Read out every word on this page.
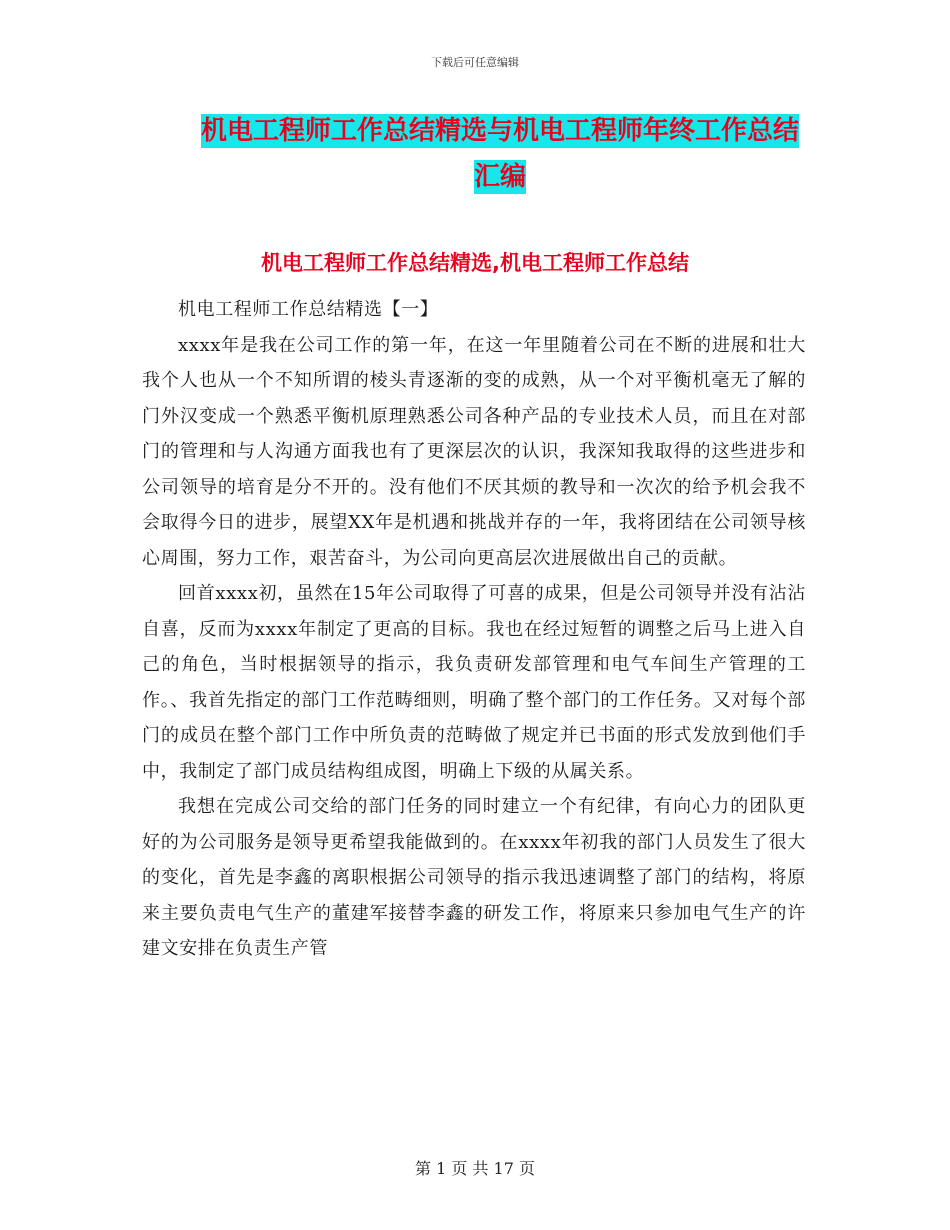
下载后可任意编辑
机电工程师工作总结精选与机电工程师年终工作总结汇编
机电工程师工作总结精选,机电工程师工作总结

机电工程师工作总结精选【一】

xxxx年是我在公司工作的第一年，在这一年里随着公司在不断的进展和壮大我个人也从一个不知所谓的棱头青逐渐的变的成熟，从一个对平衡机毫无了解的门外汉变成一个熟悉平衡机原理熟悉公司各种产品的专业技术人员，而且在对部门的管理和与人沟通方面我也有了更深层次的认识，我深知我取得的这些进步和公司领导的培育是分不开的。没有他们不厌其烦的教导和一次次的给予机会我不会取得今日的进步，展望XX年是机遇和挑战并存的一年，我将团结在公司领导核心周围，努力工作，艰苦奋斗，为公司向更高层次进展做出自己的贡献。

回首xxxx初，虽然在15年公司取得了可喜的成果，但是公司领导并没有沾沾自喜，反而为xxxx年制定了更高的目标。我也在经过短暂的调整之后马上进入自己的角色，当时根据领导的指示，我负责研发部管理和电气车间生产管理的工作。、我首先指定的部门工作范畴细则，明确了整个部门的工作任务。又对每个部门的成员在整个部门工作中所负责的范畴做了规定并已书面的形式发放到他们手中，我制定了部门成员结构组成图，明确上下级的从属关系。

我想在完成公司交给的部门任务的同时建立一个有纪律，有向心力的团队更好的为公司服务是领导更希望我能做到的。在xxxx年初我的部门人员发生了很大的变化，首先是李鑫的离职根据公司领导的指示我迅速调整了部门的结构，将原来主要负责电气生产的董建军接替李鑫的研发工作，将原来只参加电气生产的许建文安排在负责生产管

第 1 页 共 17 页
